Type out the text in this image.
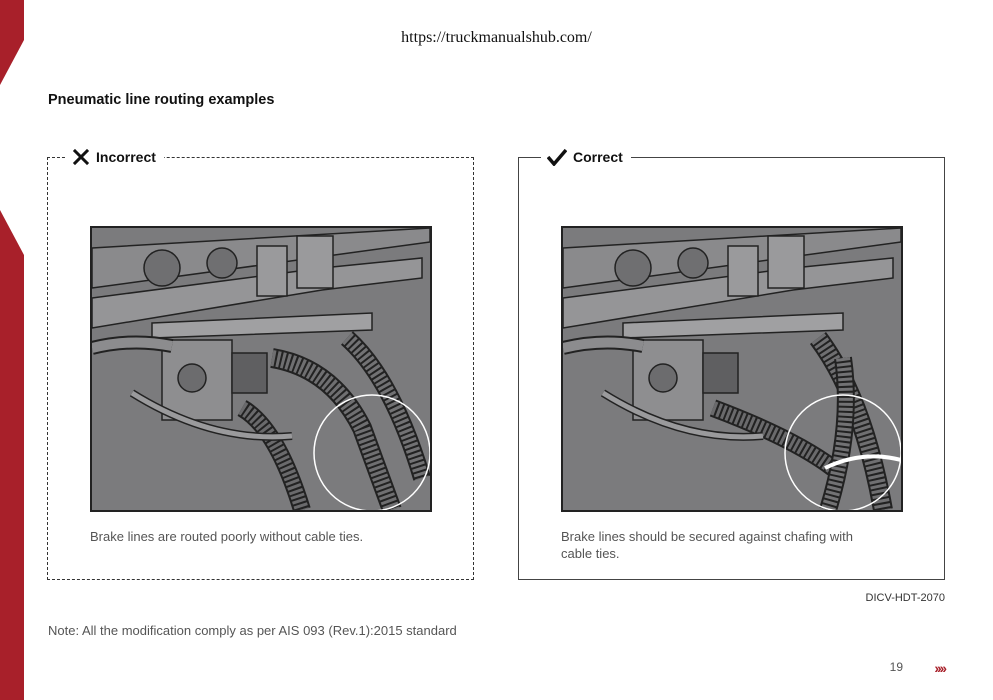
https://truckmanualshub.com/
Pneumatic line routing examples
Incorrect
Brake lines are routed poorly without cable ties.
Correct
Brake lines should be secured against chafing with cable ties.
DICV-HDT-2070
Note: All the modification comply as per AIS 093 (Rev.1):2015 standard
19 ››››
